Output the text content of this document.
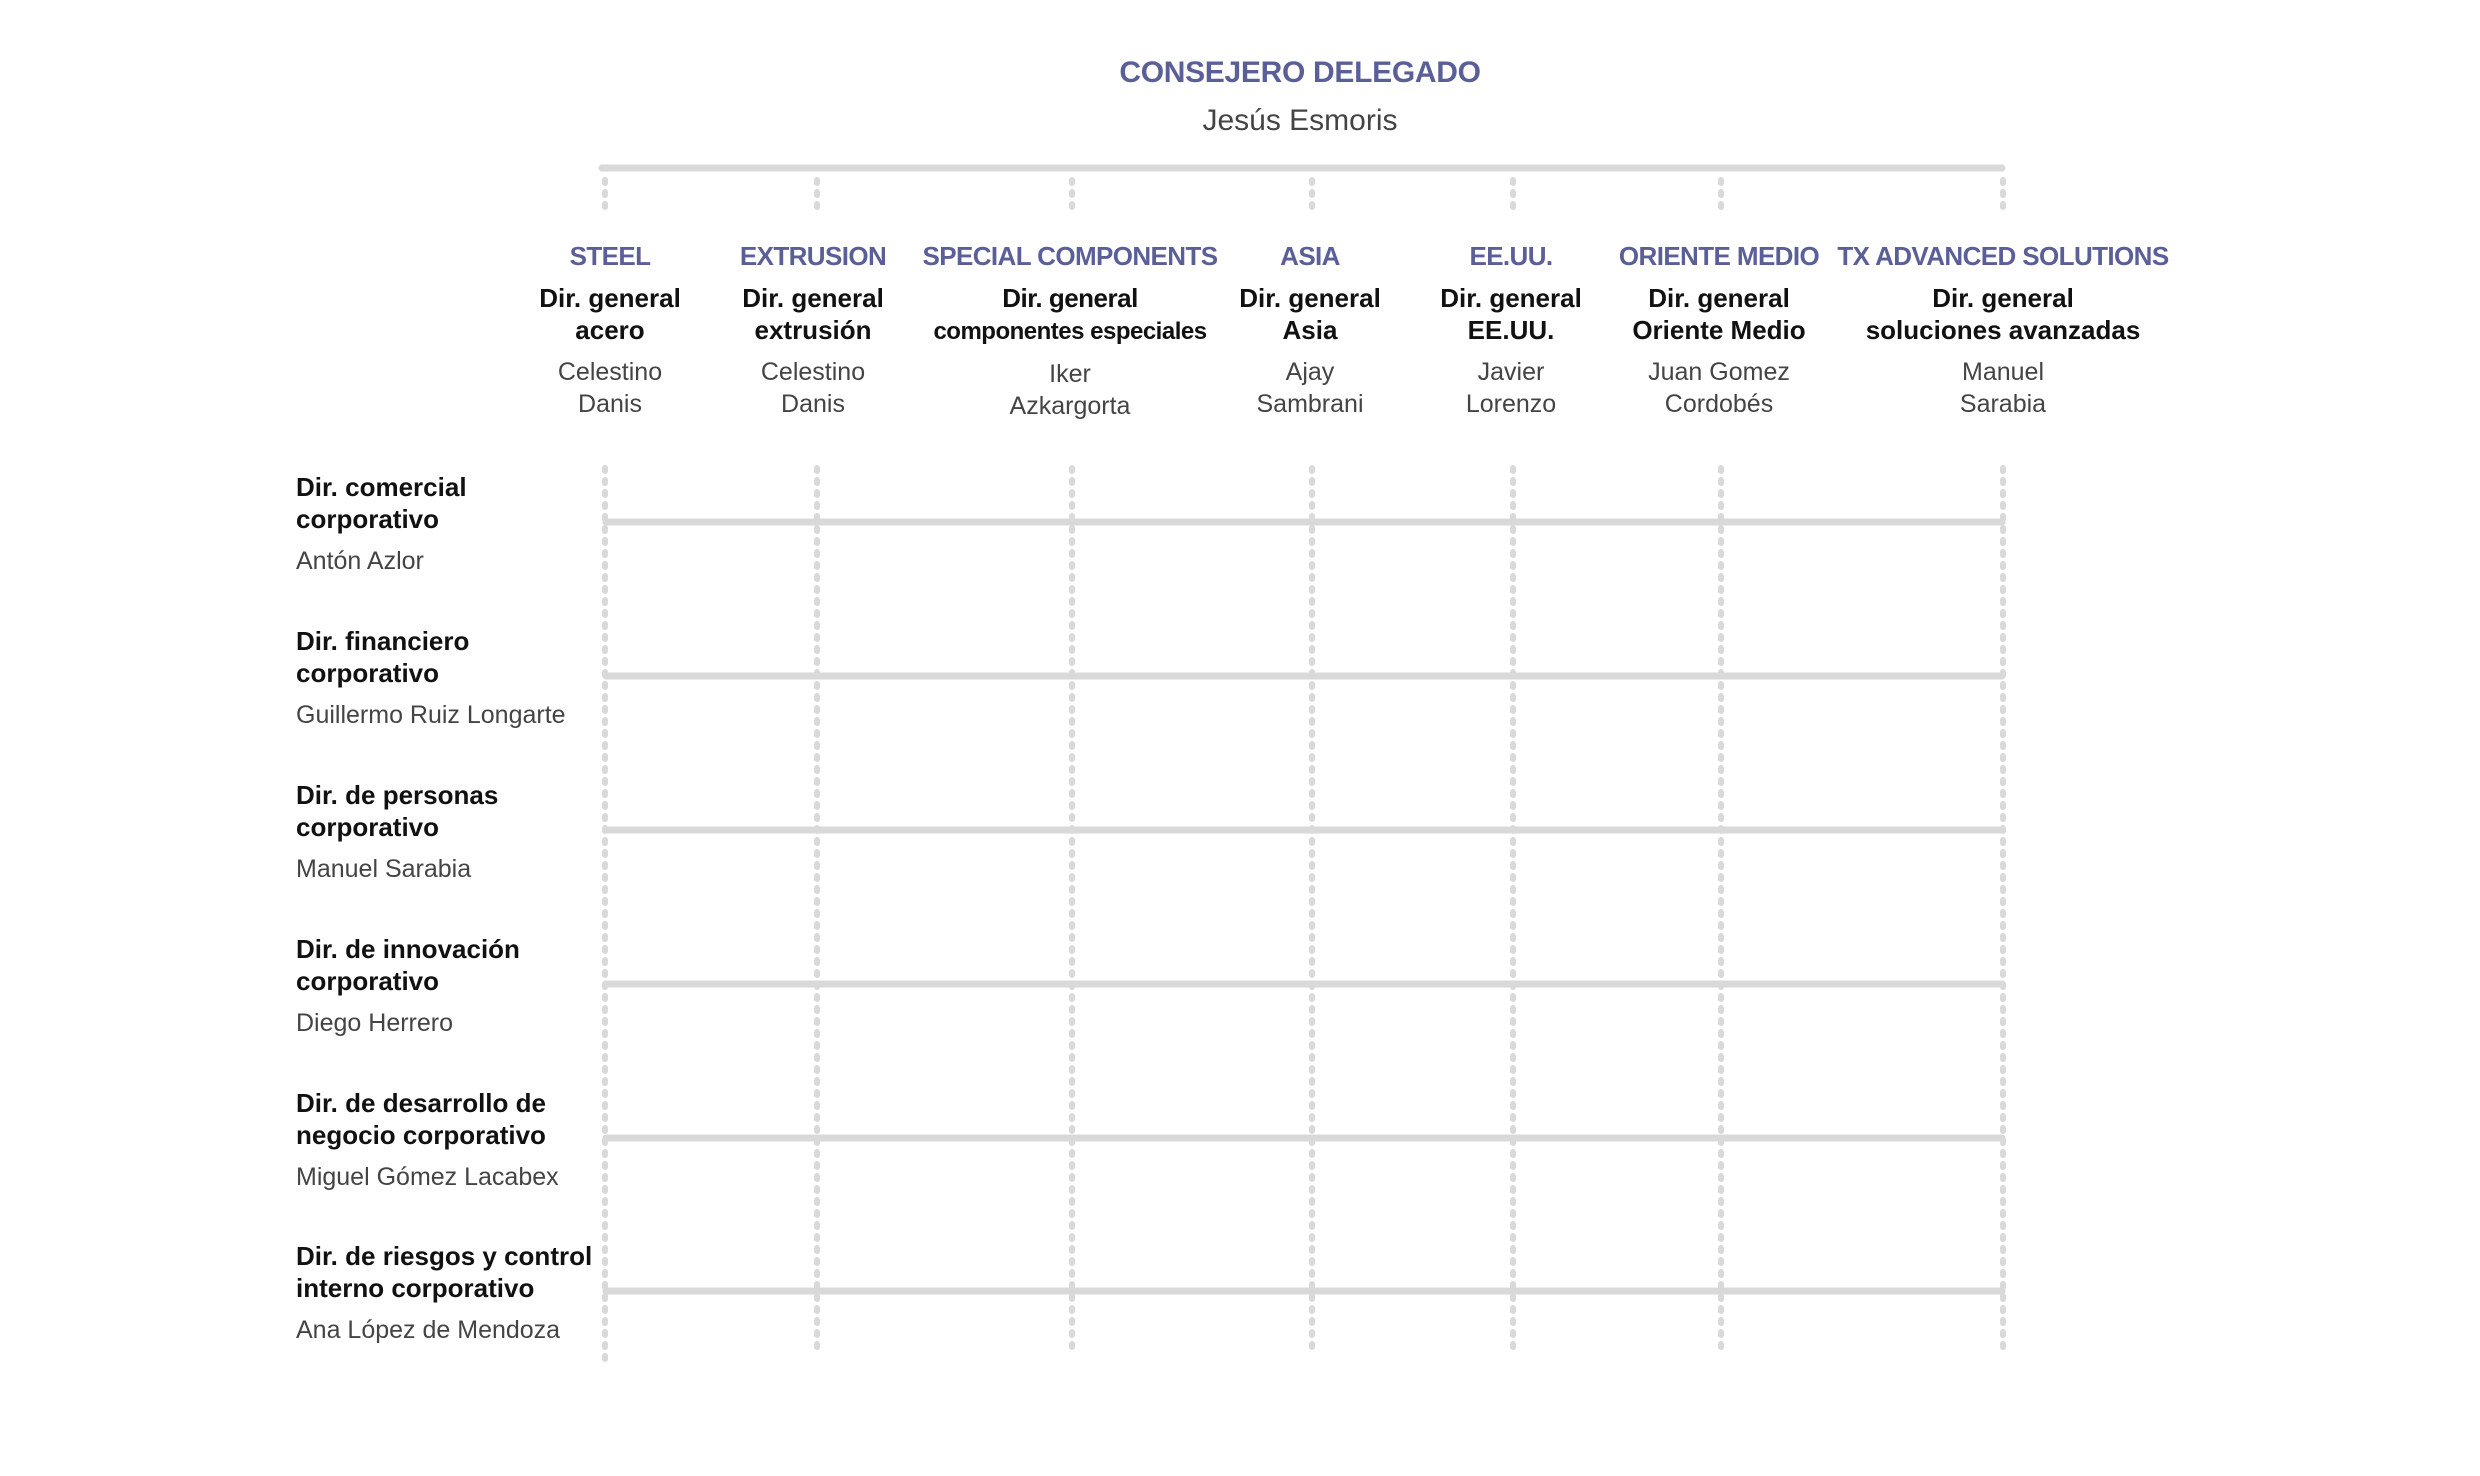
CONSEJERO DELEGADO
Jesús Esmoris
STEEL
Dir. general
acero
Celestino
Danis
EXTRUSION
Dir. general
extrusión
Celestino
Danis
SPECIAL COMPONENTS
Dir. general
componentes especiales
Iker
Azkargorta
ASIA
Dir. general
Asia
Ajay
Sambrani
EE.UU.
Dir. general
EE.UU.
Javier
Lorenzo
ORIENTE MEDIO
Dir. general
Oriente Medio
Juan Gomez
Cordobés
TX ADVANCED SOLUTIONS
Dir. general
soluciones avanzadas
Manuel
Sarabia
Dir. comercial
corporativo
Antón Azlor
Dir. financiero
corporativo
Guillermo Ruiz Longarte
Dir. de personas
corporativo
Manuel Sarabia
Dir. de innovación
corporativo
Diego Herrero
Dir. de desarrollo de
negocio corporativo
Miguel Gómez Lacabex
Dir. de riesgos y control
interno corporativo
Ana López de Mendoza
